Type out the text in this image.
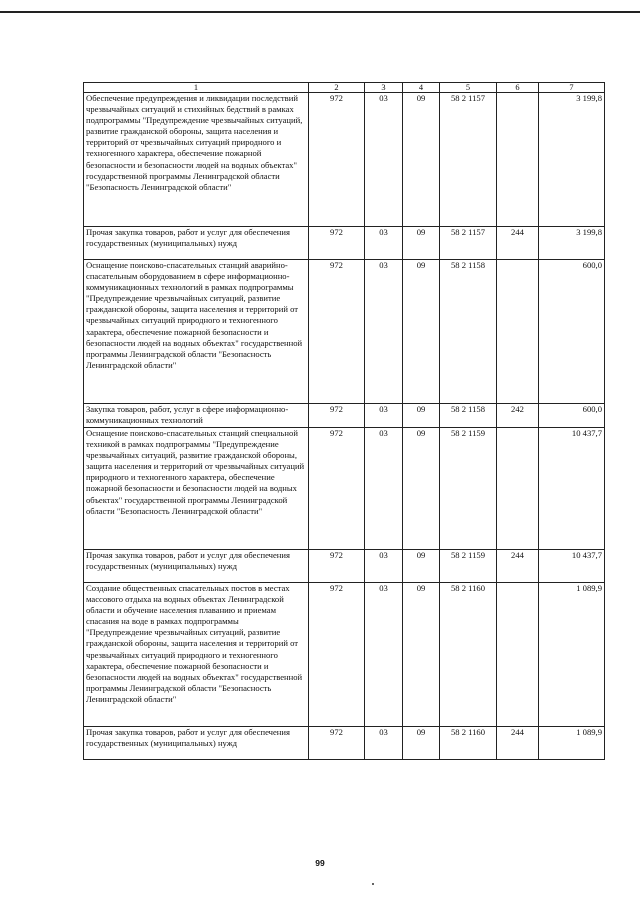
1	2	3	4	5	6	7
Обеспечение предупреждения и ликвидации последствий чрезвычайных ситуаций и стихийных бедствий в рамках подпрограммы "Предупреждение чрезвычайных ситуаций, развитие гражданской обороны, защита населения и территорий от чрезвычайных ситуаций природного и техногенного характера, обеспечение пожарной безопасности и безопасности людей на водных объектах" государственной программы Ленинградской области "Безопасность Ленинградской области"	972	03	09	58 2 1157		3 199,8
Прочая закупка товаров, работ и услуг для обеспечения государственных (муниципальных) нужд	972	03	09	58 2 1157	244	3 199,8
Оснащение поисково-спасательных станций аварийно-спасательным оборудованием в сфере информационно-коммуникационных технологий в рамках подпрограммы "Предупреждение чрезвычайных ситуаций, развитие гражданской обороны, защита населения и территорий от чрезвычайных ситуаций природного и техногенного характера, обеспечение пожарной безопасности и безопасности людей на водных объектах" государственной программы Ленинградской области "Безопасность Ленинградской области"	972	03	09	58 2 1158		600,0
Закупка товаров, работ, услуг в сфере информационно-коммуникационных технологий	972	03	09	58 2 1158	242	600,0
Оснащение поисково-спасательных станций специальной техникой в рамках подпрограммы "Предупреждение чрезвычайных ситуаций, развитие гражданской обороны, защита населения и территорий от чрезвычайных ситуаций природного и техногенного характера, обеспечение пожарной безопасности и безопасности людей на водных объектах" государственной программы Ленинградской области "Безопасность Ленинградской области"	972	03	09	58 2 1159		10 437,7
Прочая закупка товаров, работ и услуг для обеспечения государственных (муниципальных) нужд	972	03	09	58 2 1159	244	10 437,7
Создание общественных спасательных постов в местах массового отдыха на водных объектах Ленинградской области и обучение населения плаванию и приемам спасания на воде в рамках подпрограммы "Предупреждение чрезвычайных ситуаций, развитие гражданской обороны, защита населения и территорий от чрезвычайных ситуаций природного и техногенного характера, обеспечение пожарной безопасности и безопасности людей на водных объектах" государственной программы Ленинградской области "Безопасность Ленинградской области"	972	03	09	58 2 1160		1 089,9
Прочая закупка товаров, работ и услуг для обеспечения государственных (муниципальных) нужд	972	03	09	58 2 1160	244	1 089,9
99
